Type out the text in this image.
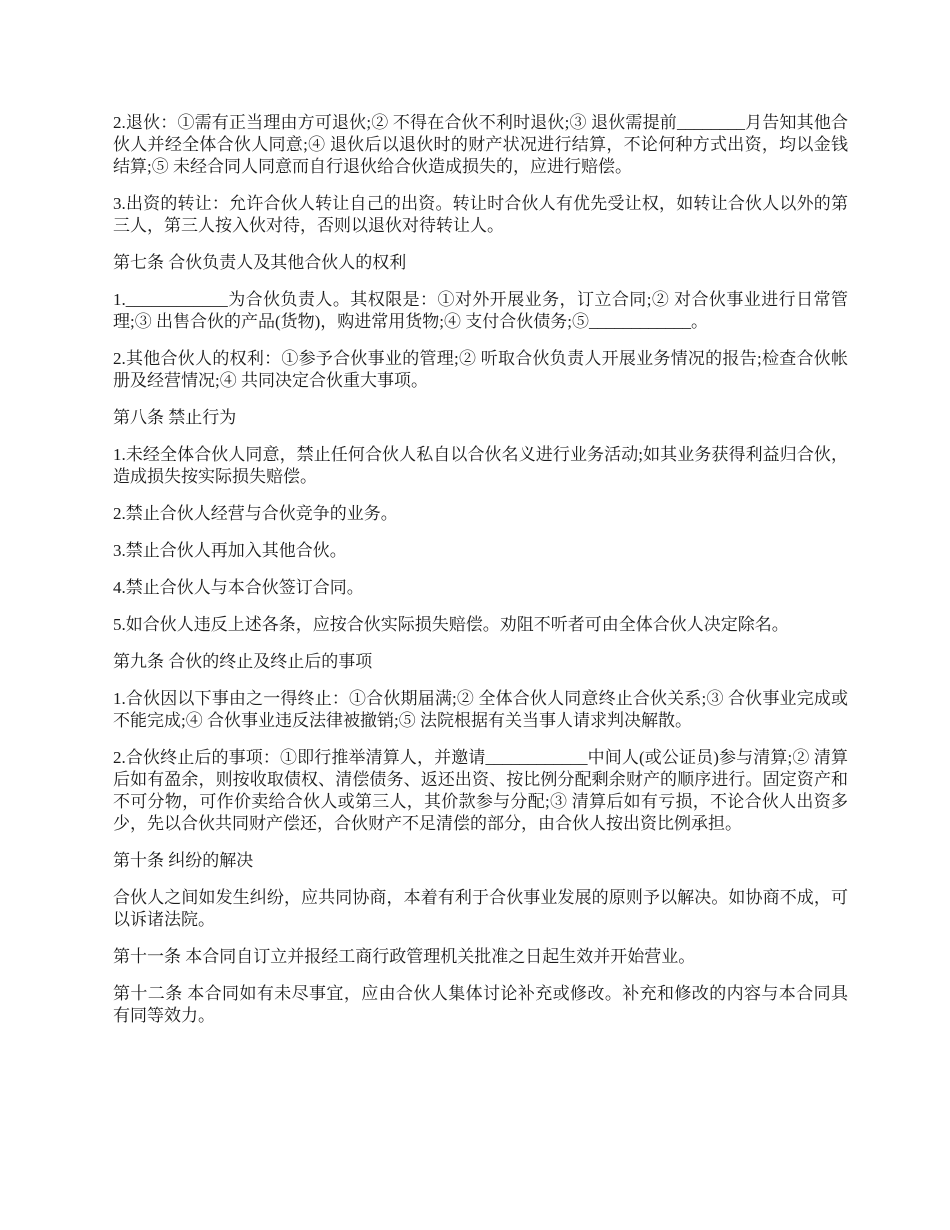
2.退伙：①需有正当理由方可退伙;② 不得在合伙不利时退伙;③ 退伙需提前________月告知其他合伙人并经全体合伙人同意;④ 退伙后以退伙时的财产状况进行结算，不论何种方式出资，均以金钱结算;⑤ 未经合同人同意而自行退伙给合伙造成损失的，应进行赔偿。

3.出资的转让：允许合伙人转让自己的出资。转让时合伙人有优先受让权，如转让合伙人以外的第三人，第三人按入伙对待，否则以退伙对待转让人。

第七条 合伙负责人及其他合伙人的权利

1.____________为合伙负责人。其权限是：①对外开展业务，订立合同;② 对合伙事业进行日常管理;③ 出售合伙的产品(货物)，购进常用货物;④ 支付合伙债务;⑤____________。

2.其他合伙人的权利：①参予合伙事业的管理;② 听取合伙负责人开展业务情况的报告;检查合伙帐册及经营情况;④ 共同决定合伙重大事项。

第八条 禁止行为

1.未经全体合伙人同意，禁止任何合伙人私自以合伙名义进行业务活动;如其业务获得利益归合伙，造成损失按实际损失赔偿。

2.禁止合伙人经营与合伙竞争的业务。

3.禁止合伙人再加入其他合伙。

4.禁止合伙人与本合伙签订合同。

5.如合伙人违反上述各条，应按合伙实际损失赔偿。劝阻不听者可由全体合伙人决定除名。

第九条 合伙的终止及终止后的事项

1.合伙因以下事由之一得终止：①合伙期届满;② 全体合伙人同意终止合伙关系;③ 合伙事业完成或不能完成;④ 合伙事业违反法律被撤销;⑤ 法院根据有关当事人请求判决解散。

2.合伙终止后的事项：①即行推举清算人，并邀请____________中间人(或公证员)参与清算;② 清算后如有盈余，则按收取债权、清偿债务、返还出资、按比例分配剩余财产的顺序进行。固定资产和不可分物，可作价卖给合伙人或第三人，其价款参与分配;③ 清算后如有亏损，不论合伙人出资多少，先以合伙共同财产偿还，合伙财产不足清偿的部分，由合伙人按出资比例承担。

第十条 纠纷的解决

合伙人之间如发生纠纷，应共同协商，本着有利于合伙事业发展的原则予以解决。如协商不成，可以诉诸法院。

第十一条 本合同自订立并报经工商行政管理机关批准之日起生效并开始营业。

第十二条 本合同如有未尽事宜，应由合伙人集体讨论补充或修改。补充和修改的内容与本合同具有同等效力。
